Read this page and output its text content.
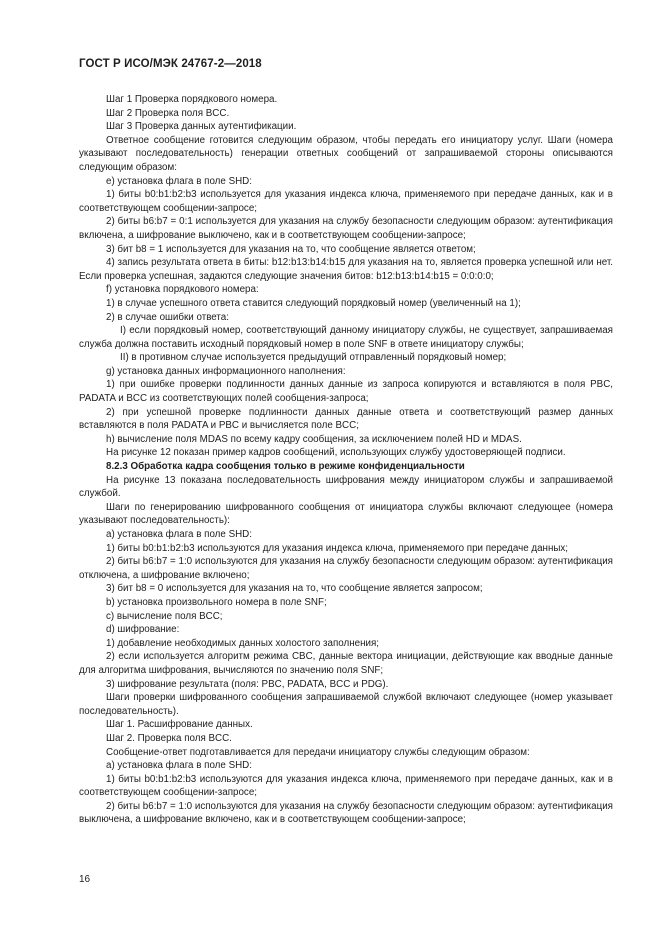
ГОСТ Р ИСО/МЭК 24767-2—2018

Шаг 1 Проверка порядкового номера.

Шаг 2 Проверка поля BCC.

Шаг 3 Проверка данных аутентификации.

Ответное сообщение готовится следующим образом, чтобы передать его инициатору услуг. Шаги (номера указывают последовательность) генерации ответных сообщений от запрашиваемой стороны описываются следующим образом:

е) установка флага в поле SHD:

1) биты b0:b1:b2:b3 используется для указания индекса ключа, применяемого при передаче данных, как и в соответствующем сообщении-запросе;

2) биты b6:b7 = 0:1 используется для указания на службу безопасности следующим образом: аутентификация включена, а шифрование выключено, как и в соответствующем сообщении-запросе;

3) бит b8 = 1 используется для указания на то, что сообщение является ответом;

4) запись результата ответа в биты: b12:b13:b14:b15 для указания на то, является проверка успешной или нет. Если проверка успешная, задаются следующие значения битов: b12:b13:b14:b15 = 0:0:0:0;

f) установка порядкового номера:

1) в случае успешного ответа ставится следующий порядковый номер (увеличенный на 1);

2) в случае ошибки ответа:

I) если порядковый номер, соответствующий данному инициатору службы, не существует, запрашиваемая служба должна поставить исходный порядковый номер в поле SNF в ответе инициатору службы;

II) в противном случае используется предыдущий отправленный порядковый номер;

g) установка данных информационного наполнения:

1) при ошибке проверки подлинности данных данные из запроса копируются и вставляются в поля PBC, PADATA и BCC из соответствующих полей сообщения-запроса;

2) при успешной проверке подлинности данных данные ответа и соответствующий размер данных вставляются в поля PADATA и PBC и вычисляется поле BCC;

h) вычисление поля MDAS по всему кадру сообщения, за исключением полей HD и MDAS.

На рисунке 12 показан пример кадров сообщений, использующих службу удостоверяющей подписи.

8.2.3 Обработка кадра сообщения только в режиме конфиденциальности

На рисунке 13 показана последовательность шифрования между инициатором службы и запрашиваемой службой.

Шаги по генерированию шифрованного сообщения от инициатора службы включают следующее (номера указывают последовательность):

а) установка флага в поле SHD:

1) биты b0:b1:b2:b3 используются для указания индекса ключа, применяемого при передаче данных;

2) биты b6:b7 = 1:0 используются для указания на службу безопасности следующим образом: аутентификация отключена, а шифрование включено;

3) бит b8 = 0 используется для указания на то, что сообщение является запросом;

b) установка произвольного номера в поле SNF;

c) вычисление поля BCC;

d) шифрование:

1) добавление необходимых данных холостого заполнения;

2) если используется алгоритм режима CBC, данные вектора инициации, действующие как вводные данные для алгоритма шифрования, вычисляются по значению поля SNF;

3) шифрование результата (поля: PBC, PADATA, BCC и PDG).

Шаги проверки шифрованного сообщения запрашиваемой службой включают следующее (номер указывает последовательность).

Шаг 1. Расшифрование данных.

Шаг 2. Проверка поля BCC.

Сообщение-ответ подготавливается для передачи инициатору службы следующим образом:

а) установка флага в поле SHD:

1) биты b0:b1:b2:b3 используются для указания индекса ключа, применяемого при передаче данных, как и в соответствующем сообщении-запросе;

2) биты b6:b7 = 1:0 используются для указания на службу безопасности следующим образом: аутентификация выключена, а шифрование включено, как и в соответствующем сообщении-запросе;

16
